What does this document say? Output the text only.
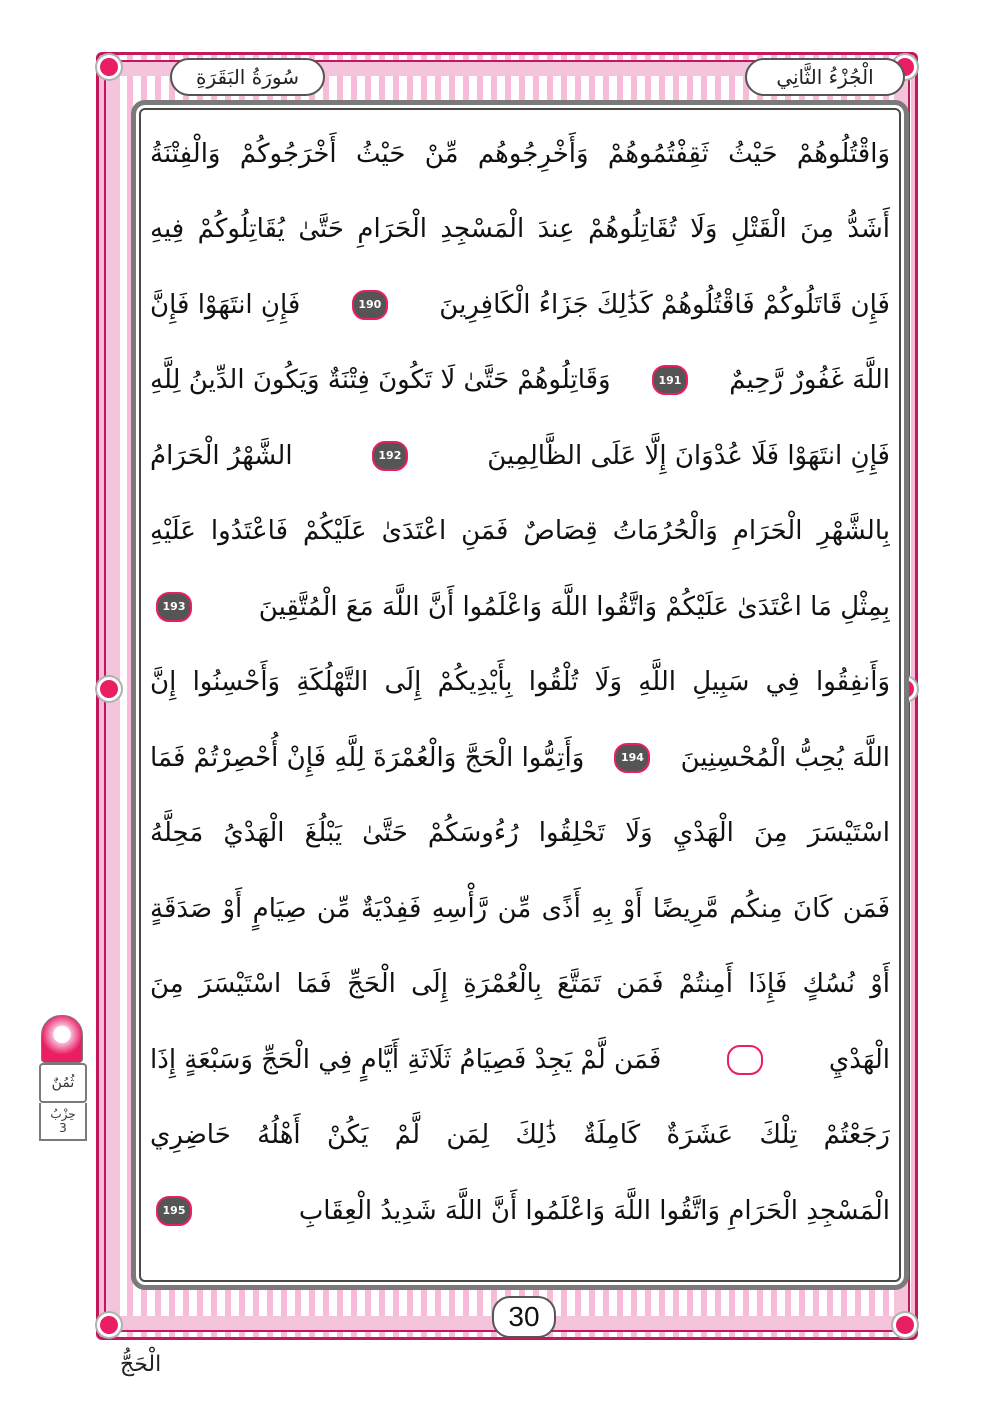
الْجُزْءُ الثَّانِي
سُورَةُ البَقَرَةِ
وَاقْتُلُوهُمْ حَيْثُ ثَقِفْتُمُوهُمْ وَأَخْرِجُوهُم مِّنْ حَيْثُ أَخْرَجُوكُمْ وَالْفِتْنَةُ
أَشَدُّ مِنَ الْقَتْلِ وَلَا تُقَاتِلُوهُمْ عِندَ الْمَسْجِدِ الْحَرَامِ حَتَّىٰ يُقَاتِلُوكُمْ فِيهِ
فَإِن قَاتَلُوكُمْ فَاقْتُلُوهُمْ كَذَٰلِكَ جَزَاءُ الْكَافِرِينَ
190
فَإِنِ انتَهَوْا فَإِنَّ
اللَّهَ غَفُورٌ رَّحِيمٌ
191
وَقَاتِلُوهُمْ حَتَّىٰ لَا تَكُونَ فِتْنَةٌ وَيَكُونَ الدِّينُ لِلَّهِ
فَإِنِ انتَهَوْا فَلَا عُدْوَانَ إِلَّا عَلَى الظَّالِمِينَ
192
الشَّهْرُ الْحَرَامُ
بِالشَّهْرِ الْحَرَامِ وَالْحُرُمَاتُ قِصَاصٌ فَمَنِ اعْتَدَىٰ عَلَيْكُمْ فَاعْتَدُوا عَلَيْهِ
بِمِثْلِ مَا اعْتَدَىٰ عَلَيْكُمْ وَاتَّقُوا اللَّهَ وَاعْلَمُوا أَنَّ اللَّهَ مَعَ الْمُتَّقِينَ
193
وَأَنفِقُوا فِي سَبِيلِ اللَّهِ وَلَا تُلْقُوا بِأَيْدِيكُمْ إِلَى التَّهْلُكَةِ وَأَحْسِنُوا إِنَّ
اللَّهَ يُحِبُّ الْمُحْسِنِينَ
194
وَأَتِمُّوا الْحَجَّ وَالْعُمْرَةَ لِلَّهِ فَإِنْ أُحْصِرْتُمْ فَمَا
اسْتَيْسَرَ مِنَ الْهَدْيِ وَلَا تَحْلِقُوا رُءُوسَكُمْ حَتَّىٰ يَبْلُغَ الْهَدْيُ مَحِلَّهُ
فَمَن كَانَ مِنكُم مَّرِيضًا أَوْ بِهِ أَذًى مِّن رَّأْسِهِ فَفِدْيَةٌ مِّن صِيَامٍ أَوْ صَدَقَةٍ
أَوْ نُسُكٍ فَإِذَا أَمِنتُمْ فَمَن تَمَتَّعَ بِالْعُمْرَةِ إِلَى الْحَجِّ فَمَا اسْتَيْسَرَ مِنَ
الْهَدْيِ
فَمَن لَّمْ يَجِدْ فَصِيَامُ ثَلَاثَةِ أَيَّامٍ فِي الْحَجِّ وَسَبْعَةٍ إِذَا
رَجَعْتُمْ تِلْكَ عَشَرَةٌ كَامِلَةٌ ذَٰلِكَ لِمَن لَّمْ يَكُنْ أَهْلُهُ حَاضِرِي
الْمَسْجِدِ الْحَرَامِ وَاتَّقُوا اللَّهَ وَاعْلَمُوا أَنَّ اللَّهَ شَدِيدُ الْعِقَابِ
195
30
ثُمُنٌ
حِزْبُ
3
الْحَجُّ
